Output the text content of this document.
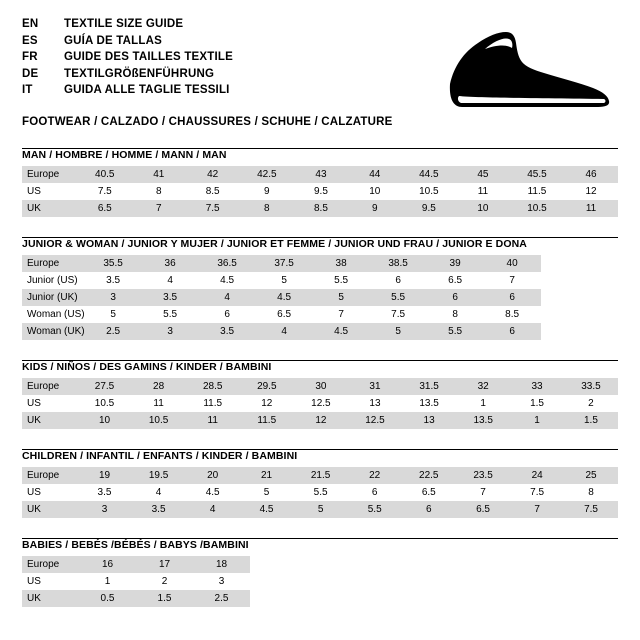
EN	TEXTILE SIZE GUIDE
ES	GUÍA DE TALLAS
FR	GUIDE DES TAILLES TEXTILE
DE	TEXTILGRÖßENFÜHRUNG
IT	GUIDA ALLE TAGLIE TESSILI
FOOTWEAR / CALZADO / CHAUSSURES / SCHUHE / CALZATURE
MAN / HOMBRE / HOMME / MANN / MAN
Europe	40.5	41	42	42.5	43	44	44.5	45	45.5	46
US	7.5	8	8.5	9	9.5	10	10.5	11	11.5	12
UK	6.5	7	7.5	8	8.5	9	9.5	10	10.5	11
JUNIOR & WOMAN / JUNIOR Y MUJER / JUNIOR ET FEMME / JUNIOR UND FRAU / JUNIOR E DONA
Europe	35.5	36	36.5	37.5	38	38.5	39	40
Junior (US)	3.5	4	4.5	5	5.5	6	6.5	7
Junior (UK)	3	3.5	4	4.5	5	5.5	6	6
Woman (US)	5	5.5	6	6.5	7	7.5	8	8.5
Woman (UK)	2.5	3	3.5	4	4.5	5	5.5	6
KIDS / NIÑOS / DES GAMINS / KINDER / BAMBINI
Europe	27.5	28	28.5	29.5	30	31	31.5	32	33	33.5
US	10.5	11	11.5	12	12.5	13	13.5	1	1.5	2
UK	10	10.5	11	11.5	12	12.5	13	13.5	1	1.5
CHILDREN / INFANTIL / ENFANTS / KINDER / BAMBINI
Europe	19	19.5	20	21	21.5	22	22.5	23.5	24	25
US	3.5	4	4.5	5	5.5	6	6.5	7	7.5	8
UK	3	3.5	4	4.5	5	5.5	6	6.5	7	7.5
BABIES / BEBÉS /BÉBÉS / BABYS /BAMBINI
Europe	16	17	18
US	1	2	3
UK	0.5	1.5	2.5
